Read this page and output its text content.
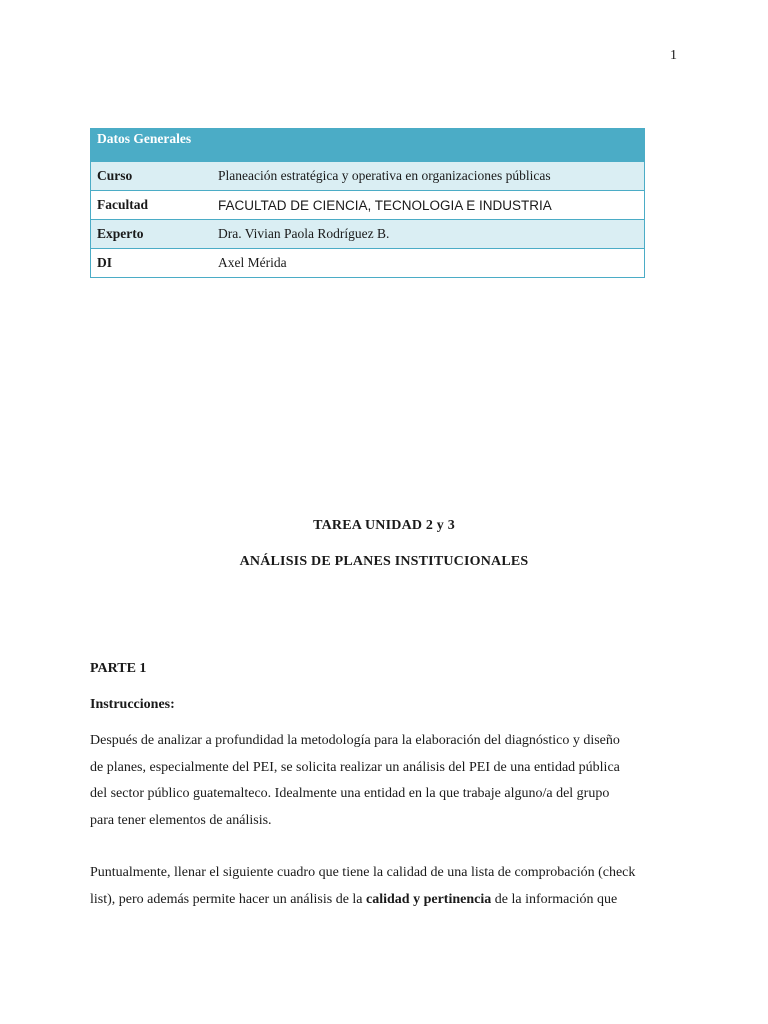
1
Datos Generales	
Curso	Planeación estratégica y operativa en organizaciones públicas
Facultad	FACULTAD DE CIENCIA, TECNOLOGIA E INDUSTRIA
Experto	Dra. Vivian Paola Rodríguez B.
DI	Axel Mérida
TAREA UNIDAD 2 y 3
ANÁLISIS DE PLANES INSTITUCIONALES
PARTE 1
Instrucciones:
Después de analizar a profundidad la metodología para la elaboración del diagnóstico y diseño
de planes, especialmente del PEI, se solicita realizar un análisis del PEI de una entidad pública
del sector público guatemalteco. Idealmente una entidad en la que trabaje alguno/a del grupo
para tener elementos de análisis.
Puntualmente, llenar el siguiente cuadro que tiene la calidad de una lista de comprobación (check
list), pero además permite hacer un análisis de la calidad y pertinencia de la información que
